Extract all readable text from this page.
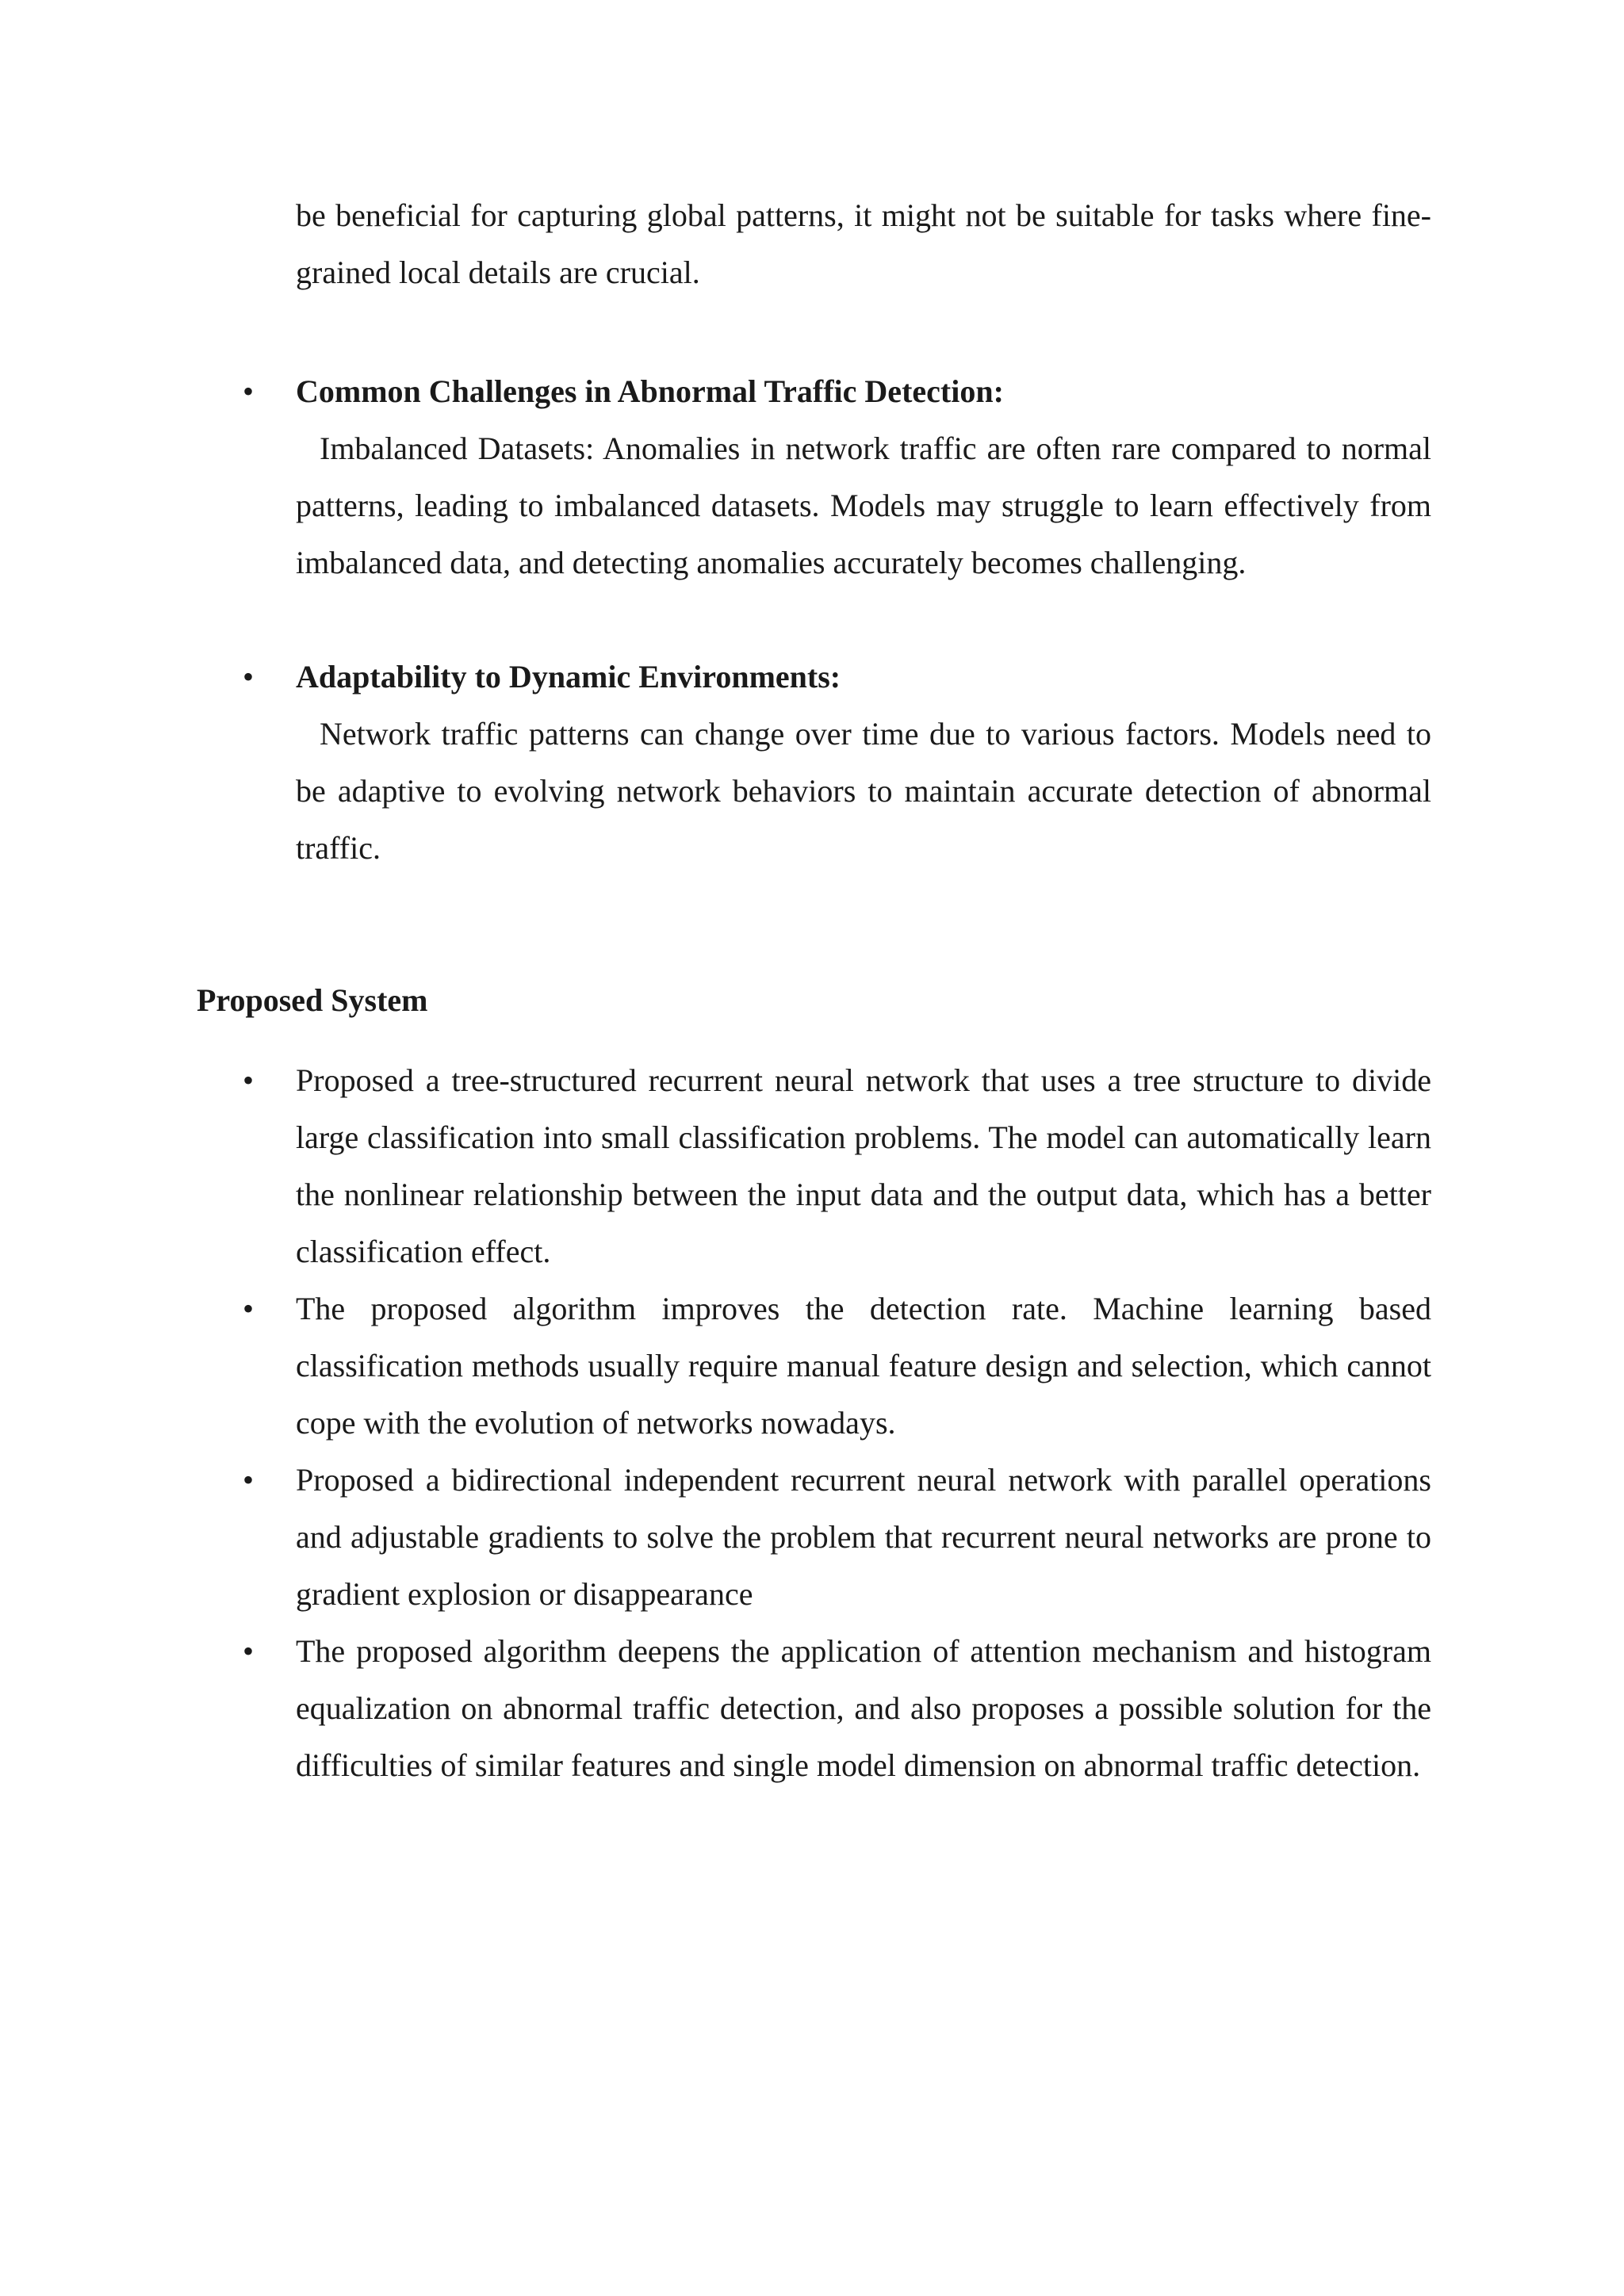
be beneficial for capturing global patterns, it might not be suitable for tasks where fine-grained local details are crucial.

• Common Challenges in Abnormal Traffic Detection:

Imbalanced Datasets: Anomalies in network traffic are often rare compared to normal patterns, leading to imbalanced datasets. Models may struggle to learn effectively from imbalanced data, and detecting anomalies accurately becomes challenging.

• Adaptability to Dynamic Environments:

Network traffic patterns can change over time due to various factors. Models need to be adaptive to evolving network behaviors to maintain accurate detection of abnormal traffic.

Proposed System

• Proposed a tree-structured recurrent neural network that uses a tree structure to divide large classification into small classification problems. The model can automatically learn the nonlinear relationship between the input data and the output data, which has a better classification effect.

• The proposed algorithm improves the detection rate. Machine learning based classification methods usually require manual feature design and selection, which cannot cope with the evolution of networks nowadays.

• Proposed a bidirectional independent recurrent neural network with parallel operations and adjustable gradients to solve the problem that recurrent neural networks are prone to gradient explosion or disappearance

• The proposed algorithm deepens the application of attention mechanism and histogram equalization on abnormal traffic detection, and also proposes a possible solution for the difficulties of similar features and single model dimension on abnormal traffic detection.
